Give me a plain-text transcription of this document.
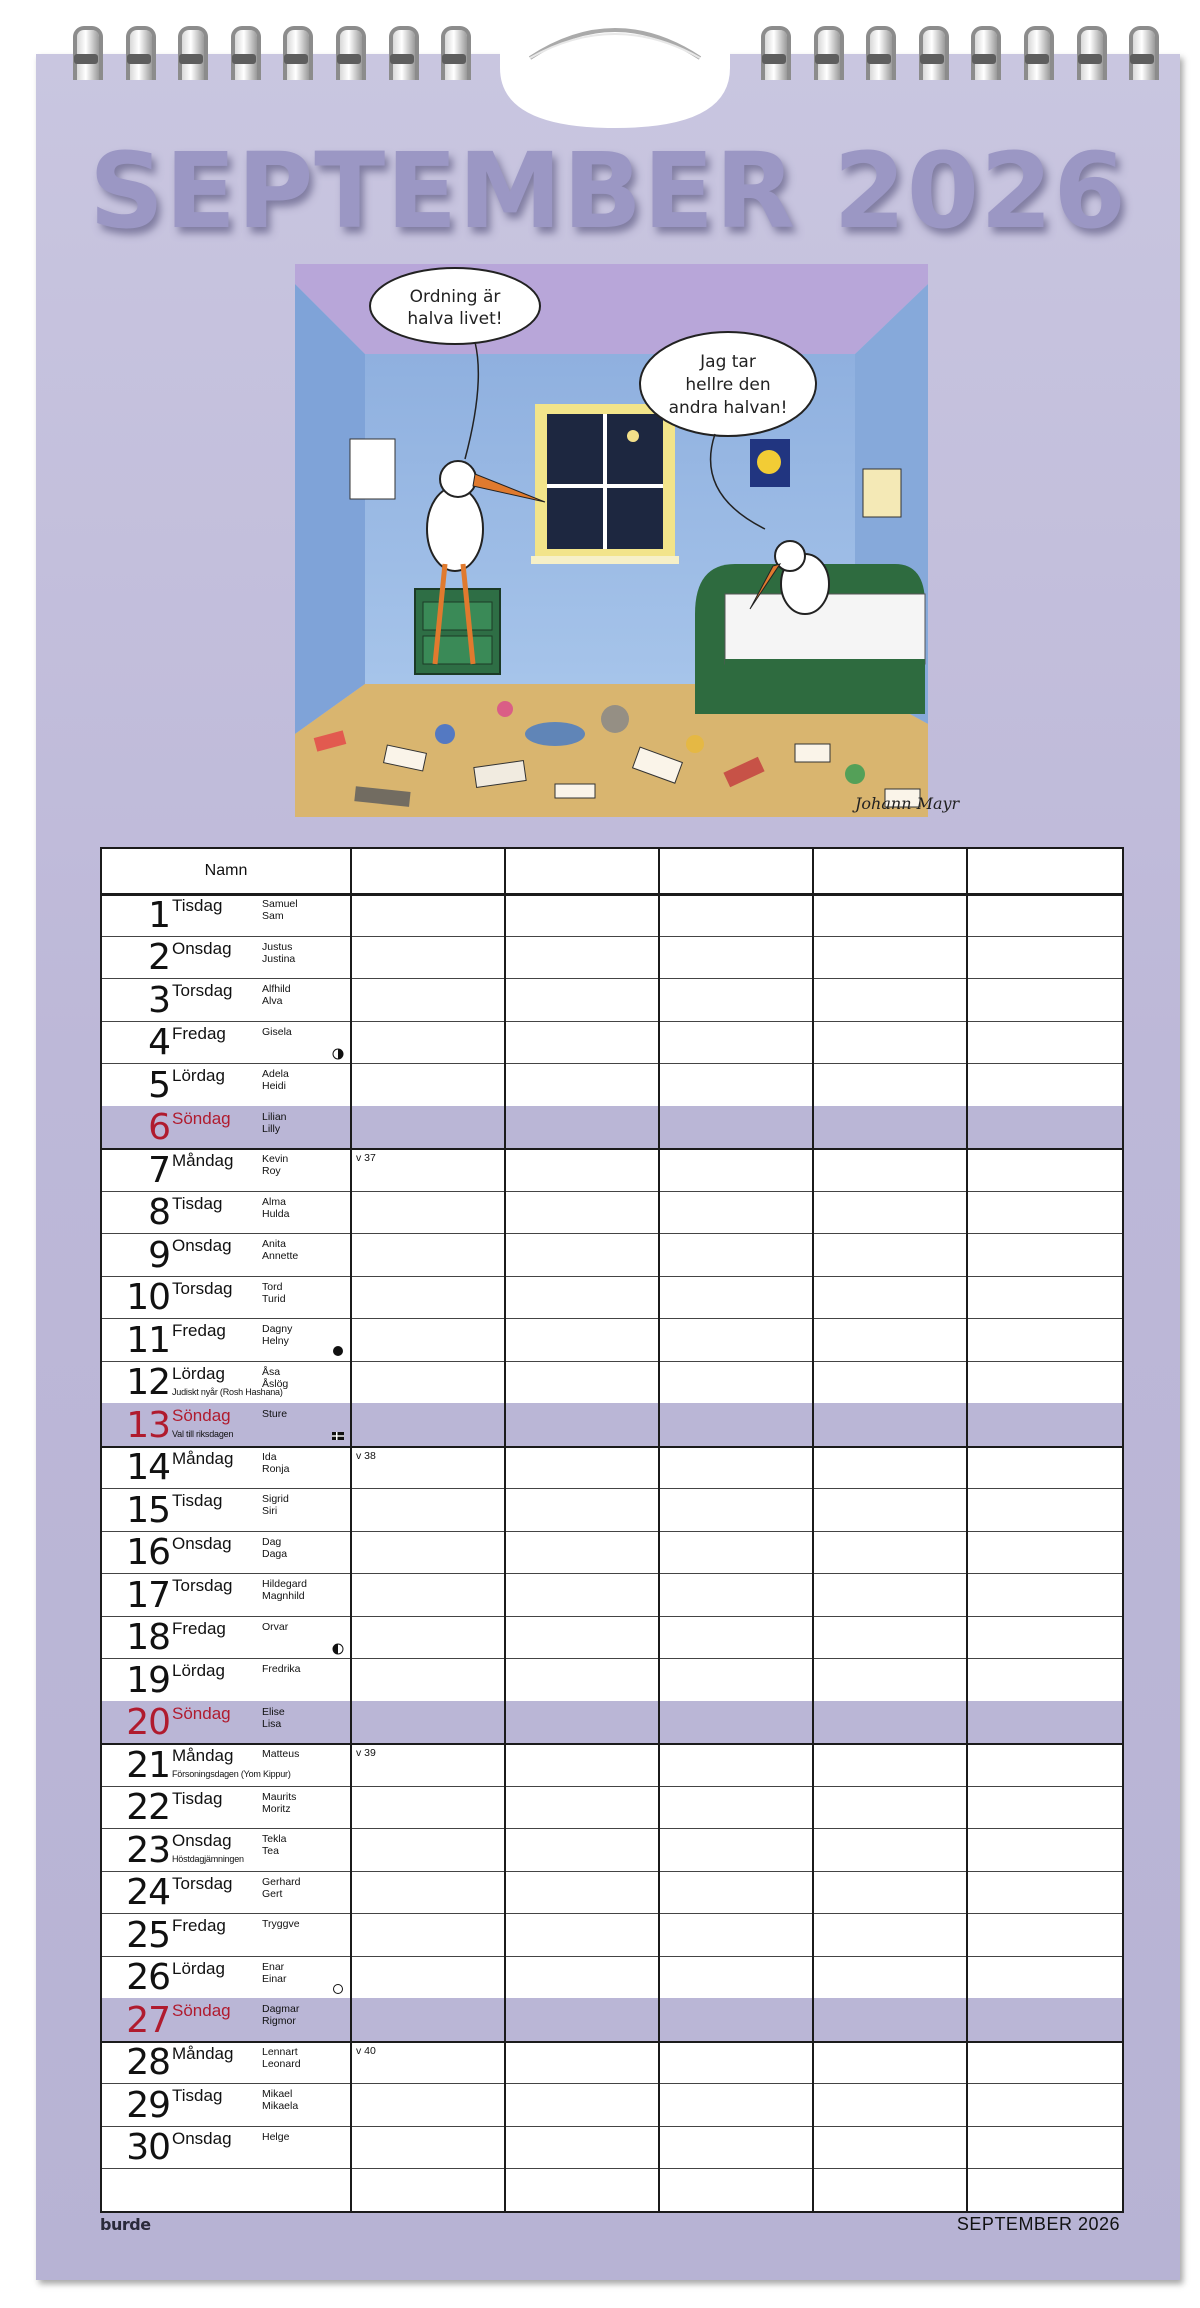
SEPTEMBER 2026
Ordning är
halva livet!
Jag tar
hellre den
andra halvan!
Johann Mayr
Namn
1 Tisdag	Samuel
Sam
2 Onsdag	Justus
Justina
3 Torsdag	Alfhild
Alva
4 Fredag	Gisela
5 Lördag	Adela
Heidi
6 Söndag	Lilian
Lilly
7 Måndag	Kevin
Roy
v 37
8 Tisdag	Alma
Hulda
9 Onsdag	Anita
Annette
10 Torsdag	Tord
Turid
11 Fredag	Dagny
Helny
12 Lördag	Åsa
Åslög
Judiskt nyår (Rosh Hashana)
13 Söndag	Sture
Val till riksdagen
14 Måndag	Ida
Ronja
v 38
15 Tisdag	Sigrid
Siri
16 Onsdag	Dag
Daga
17 Torsdag	Hildegard
Magnhild
18 Fredag	Orvar
19 Lördag	Fredrika
20 Söndag	Elise
Lisa
21 Måndag	Matteus
Försoningsdagen (Yom Kippur)
v 39
22 Tisdag	Maurits
Moritz
23 Onsdag	Tekla
Tea
Höstdagjämningen
24 Torsdag	Gerhard
Gert
25 Fredag	Tryggve
26 Lördag	Enar
Einar
27 Söndag	Dagmar
Rigmor
28 Måndag	Lennart
Leonard
v 40
29 Tisdag	Mikael
Mikaela
30 Onsdag	Helge
burde	SEPTEMBER 2026
